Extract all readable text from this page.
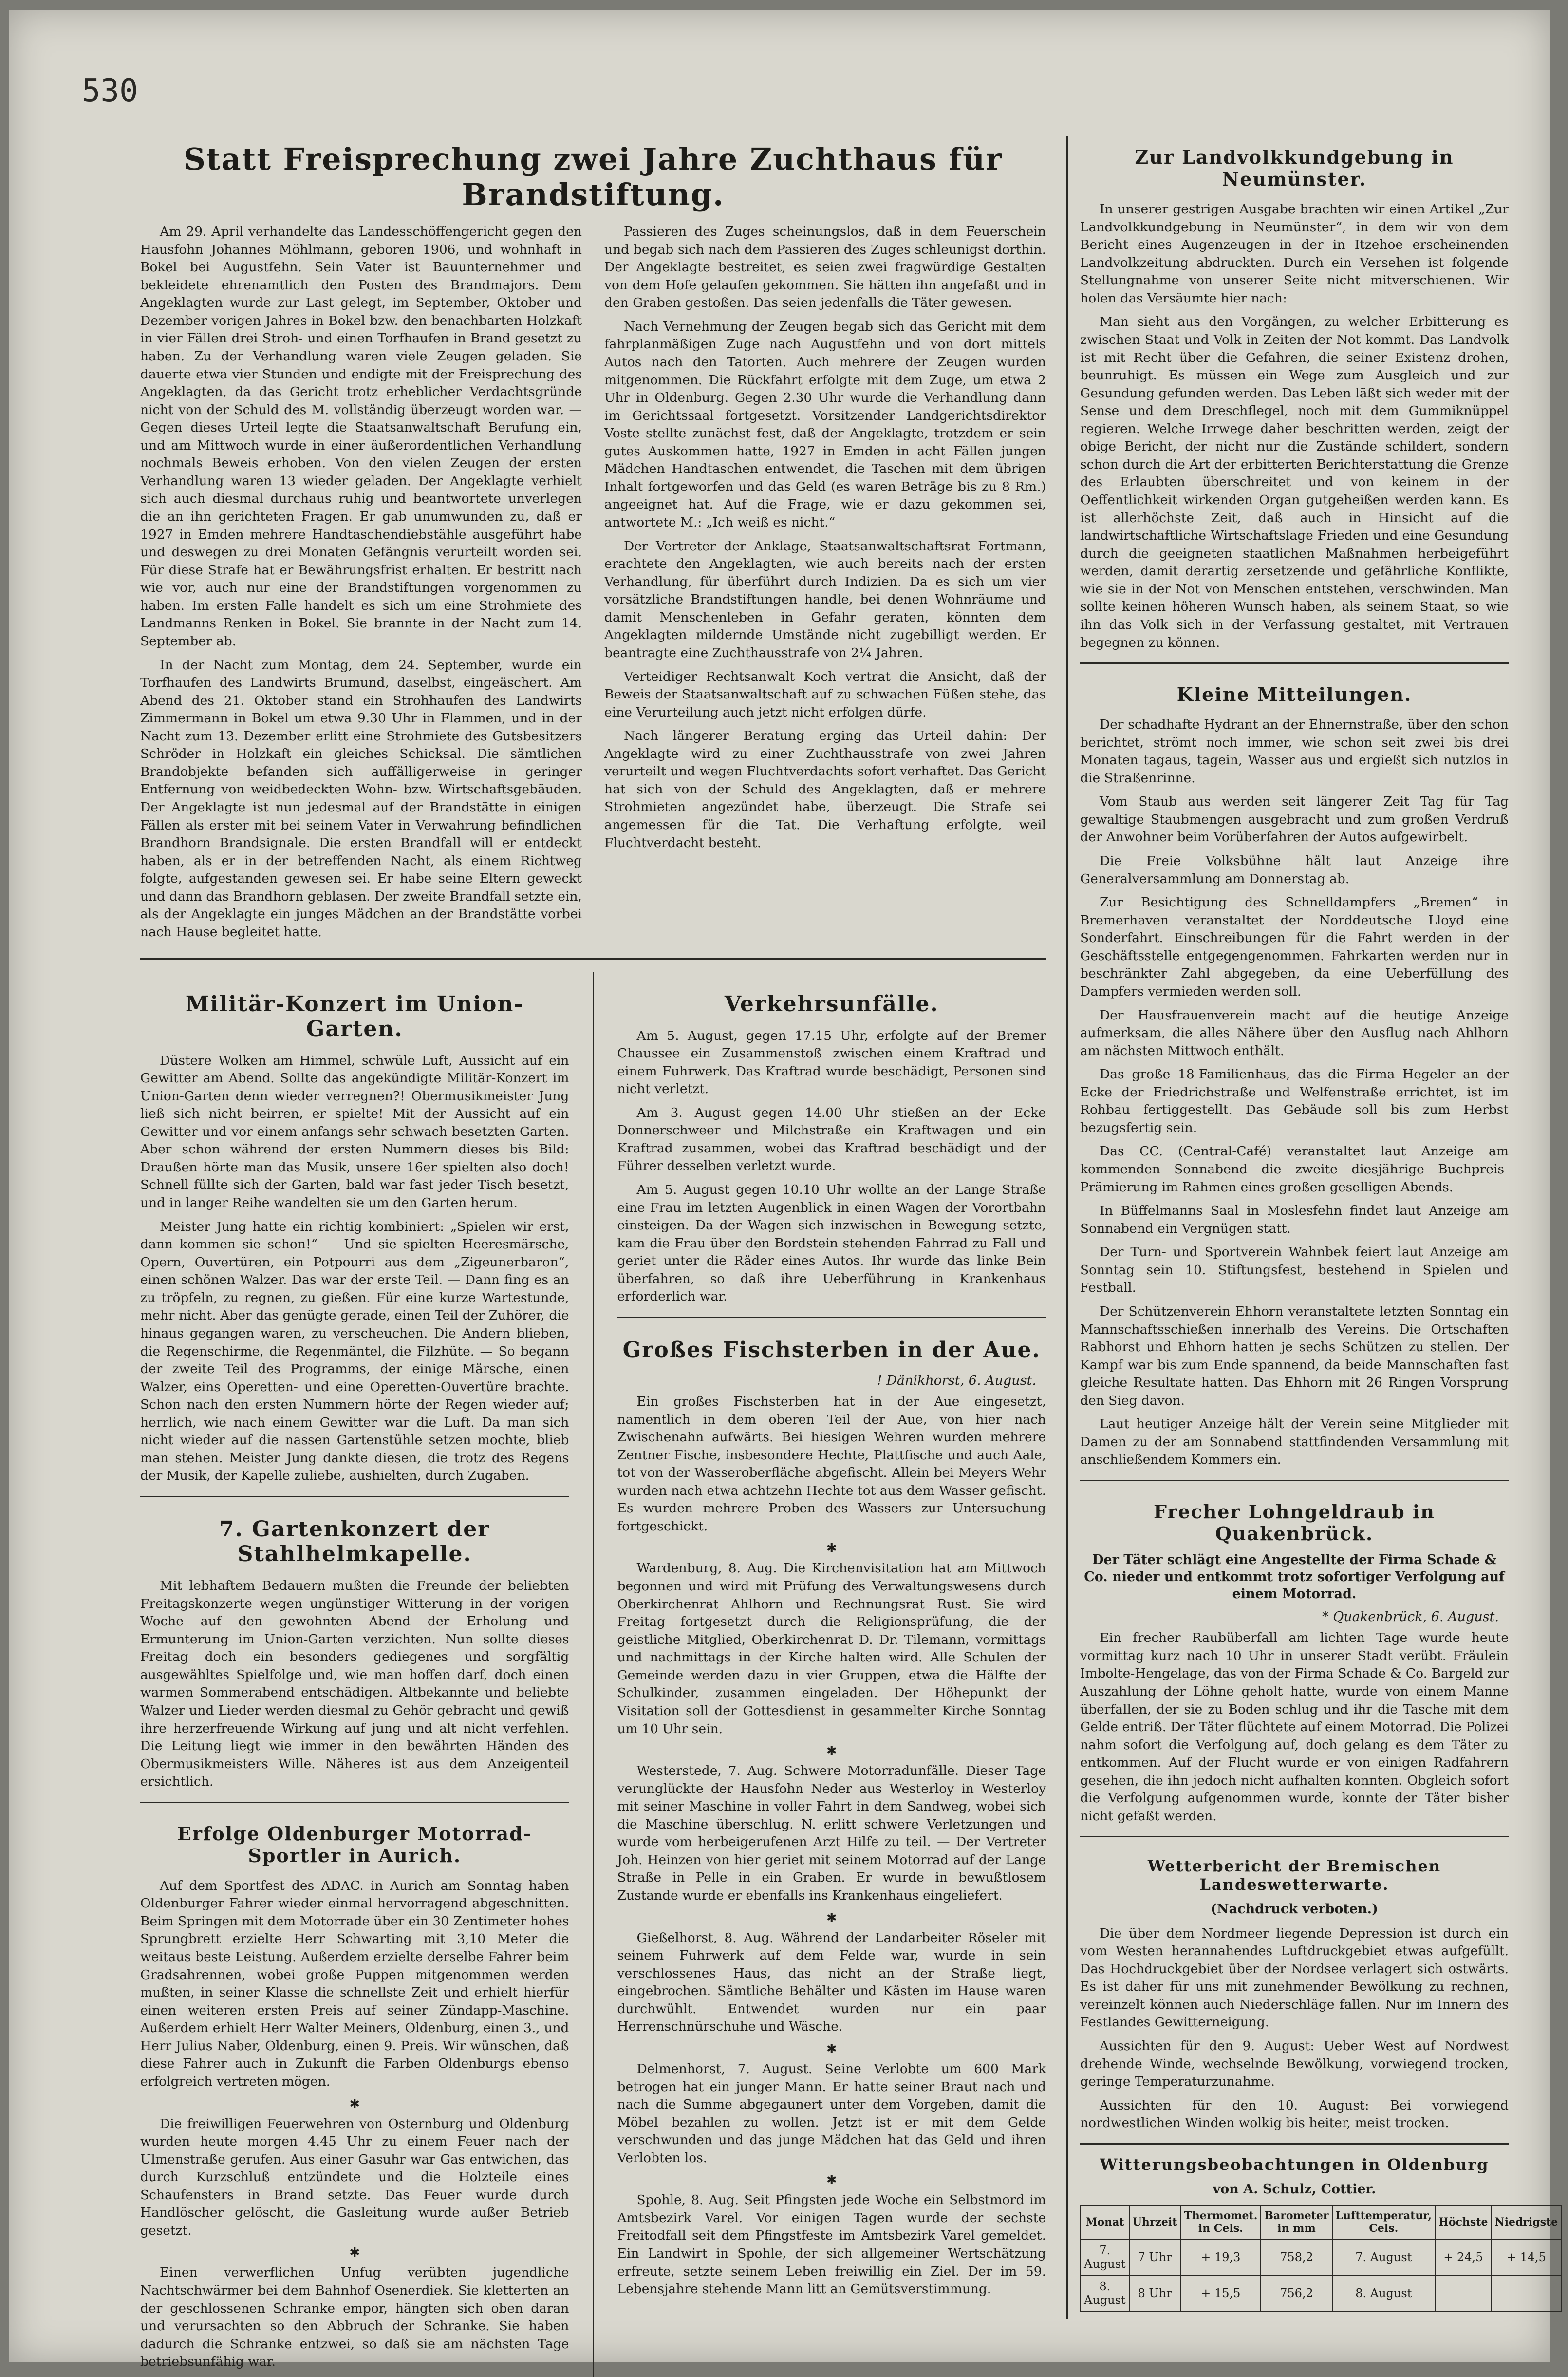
530
Statt Freisprechung zwei Jahre Zuchthaus für Brandstiftung.

Am 29. April verhandelte das Landesschöffengericht gegen den Hausfohn Johannes Möhlmann, geboren 1906, und wohnhaft in Bokel bei Augustfehn. Sein Vater ist Bauunternehmer und bekleidete ehrenamtlich den Posten des Brandmajors. Dem Angeklagten wurde zur Last gelegt, im September, Oktober und Dezember vorigen Jahres in Bokel bzw. den benachbarten Holzkaft in vier Fällen drei Stroh- und einen Torfhaufen in Brand gesetzt zu haben. Zu der Verhandlung waren viele Zeugen geladen. Sie dauerte etwa vier Stunden und endigte mit der Freisprechung des Angeklagten, da das Gericht trotz erheblicher Verdachtsgründe nicht von der Schuld des M. vollständig überzeugt worden war. — Gegen dieses Urteil legte die Staatsanwaltschaft Berufung ein, und am Mittwoch wurde in einer äußerordentlichen Verhandlung nochmals Beweis erhoben. Von den vielen Zeugen der ersten Verhandlung waren 13 wieder geladen. Der Angeklagte verhielt sich auch diesmal durchaus ruhig und beantwortete unverlegen die an ihn gerichteten Fragen. Er gab unumwunden zu, daß er 1927 in Emden mehrere Handtaschendiebstähle ausgeführt habe und deswegen zu drei Monaten Gefängnis verurteilt worden sei. Für diese Strafe hat er Bewährungsfrist erhalten. Er bestritt nach wie vor, auch nur eine der Brandstiftungen vorgenommen zu haben. Im ersten Falle handelt es sich um eine Strohmiete des Landmanns Renken in Bokel. Sie brannte in der Nacht zum 14. September ab.

In der Nacht zum Montag, dem 24. September, wurde ein Torfhaufen des Landwirts Brumund, daselbst, eingeäschert. Am Abend des 21. Oktober stand ein Strohhaufen des Landwirts Zimmermann in Bokel um etwa 9.30 Uhr in Flammen, und in der Nacht zum 13. Dezember erlitt eine Strohmiete des Gutsbesitzers Schröder in Holzkaft ein gleiches Schicksal. Die sämtlichen Brandobjekte befanden sich auffälligerweise in geringer Entfernung von weidbedeckten Wohn- bzw. Wirtschaftsgebäuden. Der Angeklagte ist nun jedesmal auf der Brandstätte in einigen Fällen als erster mit bei seinem Vater in Verwahrung befindlichen Brandhorn Brandsignale. Die ersten Brandfall will er entdeckt haben, als er in der betreffenden Nacht, als einem Richtweg folgte, aufgestanden gewesen sei. Er habe seine Eltern geweckt und dann das Brandhorn geblasen. Der zweite Brandfall setzte ein, als der Angeklagte ein junges Mädchen an der Brandstätte vorbei nach Hause begleitet hatte.

Passieren des Zuges scheinungslos, daß in dem Feuerschein und begab sich nach dem Passieren des Zuges schleunigst dorthin. Der Angeklagte bestreitet, es seien zwei fragwürdige Gestalten von dem Hofe gelaufen gekommen. Sie hätten ihn angefaßt und in den Graben gestoßen. Das seien jedenfalls die Täter gewesen.

Nach Vernehmung der Zeugen begab sich das Gericht mit dem fahrplanmäßigen Zuge nach Augustfehn und von dort mittels Autos nach den Tatorten. Auch mehrere der Zeugen wurden mitgenommen. Die Rückfahrt erfolgte mit dem Zuge, um etwa 2 Uhr in Oldenburg. Gegen 2.30 Uhr wurde die Verhandlung dann im Gerichtssaal fortgesetzt. Vorsitzender Landgerichtsdirektor Voste stellte zunächst fest, daß der Angeklagte, trotzdem er sein gutes Auskommen hatte, 1927 in Emden in acht Fällen jungen Mädchen Handtaschen entwendet, die Taschen mit dem übrigen Inhalt fortgeworfen und das Geld (es waren Beträge bis zu 8 Rm.) angeeignet hat. Auf die Frage, wie er dazu gekommen sei, antwortete M.: „Ich weiß es nicht.“

Der Vertreter der Anklage, Staatsanwaltschaftsrat Fortmann, erachtete den Angeklagten, wie auch bereits nach der ersten Verhandlung, für überführt durch Indizien. Da es sich um vier vorsätzliche Brandstiftungen handle, bei denen Wohnräume und damit Menschenleben in Gefahr geraten, könnten dem Angeklagten mildernde Umstände nicht zugebilligt werden. Er beantragte eine Zuchthausstrafe von 2¼ Jahren.

Verteidiger Rechtsanwalt Koch vertrat die Ansicht, daß der Beweis der Staatsanwaltschaft auf zu schwachen Füßen stehe, das eine Verurteilung auch jetzt nicht erfolgen dürfe.

Nach längerer Beratung erging das Urteil dahin: Der Angeklagte wird zu einer Zuchthausstrafe von zwei Jahren verurteilt und wegen Fluchtverdachts sofort verhaftet. Das Gericht hat sich von der Schuld des Angeklagten, daß er mehrere Strohmieten angezündet habe, überzeugt. Die Strafe sei angemessen für die Tat. Die Verhaftung erfolgte, weil Fluchtverdacht besteht.

Militär-Konzert im Union-Garten.

Düstere Wolken am Himmel, schwüle Luft, Aussicht auf ein Gewitter am Abend. Sollte das angekündigte Militär-Konzert im Union-Garten denn wieder verregnen?! Obermusikmeister Jung ließ sich nicht beirren, er spielte! Mit der Aussicht auf ein Gewitter und vor einem anfangs sehr schwach besetzten Garten. Aber schon während der ersten Nummern dieses bis Bild: Draußen hörte man das Musik, unsere 16er spielten also doch! Schnell füllte sich der Garten, bald war fast jeder Tisch besetzt, und in langer Reihe wandelten sie um den Garten herum.

Meister Jung hatte ein richtig kombiniert: „Spielen wir erst, dann kommen sie schon!“ — Und sie spielten Heeresmärsche, Opern, Ouvertüren, ein Potpourri aus dem „Zigeunerbaron“, einen schönen Walzer. Das war der erste Teil. — Dann fing es an zu tröpfeln, zu regnen, zu gießen. Für eine kurze Wartestunde, mehr nicht. Aber das genügte gerade, einen Teil der Zuhörer, die hinaus gegangen waren, zu verscheuchen. Die Andern blieben, die Regenschirme, die Regenmäntel, die Filzhüte. — So begann der zweite Teil des Programms, der einige Märsche, einen Walzer, eins Operetten- und eine Operetten-Ouvertüre brachte. Schon nach den ersten Nummern hörte der Regen wieder auf; herrlich, wie nach einem Gewitter war die Luft. Da man sich nicht wieder auf die nassen Gartenstühle setzen mochte, blieb man stehen. Meister Jung dankte diesen, die trotz des Regens der Musik, der Kapelle zuliebe, aushielten, durch Zugaben.

7. Gartenkonzert der Stahlhelmkapelle.

Mit lebhaftem Bedauern mußten die Freunde der beliebten Freitagskonzerte wegen ungünstiger Witterung in der vorigen Woche auf den gewohnten Abend der Erholung und Ermunterung im Union-Garten verzichten. Nun sollte dieses Freitag doch ein besonders gediegenes und sorgfältig ausgewähltes Spielfolge und, wie man hoffen darf, doch einen warmen Sommerabend entschädigen. Altbekannte und beliebte Walzer und Lieder werden diesmal zu Gehör gebracht und gewiß ihre herzerfreuende Wirkung auf jung und alt nicht verfehlen. Die Leitung liegt wie immer in den bewährten Händen des Obermusikmeisters Wille. Näheres ist aus dem Anzeigenteil ersichtlich.

Erfolge Oldenburger Motorrad-Sportler in Aurich.

Auf dem Sportfest des ADAC. in Aurich am Sonntag haben Oldenburger Fahrer wieder einmal hervorragend abgeschnitten. Beim Springen mit dem Motorrade über ein 30 Zentimeter hohes Sprungbrett erzielte Herr Schwarting mit 3,10 Meter die weitaus beste Leistung. Außerdem erzielte derselbe Fahrer beim Gradsahrennen, wobei große Puppen mitgenommen werden mußten, in seiner Klasse die schnellste Zeit und erhielt hierfür einen weiteren ersten Preis auf seiner Zündapp-Maschine. Außerdem erhielt Herr Walter Meiners, Oldenburg, einen 3., und Herr Julius Naber, Oldenburg, einen 9. Preis. Wir wünschen, daß diese Fahrer auch in Zukunft die Farben Oldenburgs ebenso erfolgreich vertreten mögen.

✱

Die freiwilligen Feuerwehren von Osternburg und Oldenburg wurden heute morgen 4.45 Uhr zu einem Feuer nach der Ulmenstraße gerufen. Aus einer Gasuhr war Gas entwichen, das durch Kurzschluß entzündete und die Holzteile eines Schaufensters in Brand setzte. Das Feuer wurde durch Handlöscher gelöscht, die Gasleitung wurde außer Betrieb gesetzt.

✱

Einen verwerflichen Unfug verübten jugendliche Nachtschwärmer bei dem Bahnhof Osenerdiek. Sie kletterten an der geschlossenen Schranke empor, hängten sich oben daran und verursachten so den Abbruch der Schranke. Sie haben dadurch die Schranke entzwei, so daß sie am nächsten Tage betriebsunfähig war.

Verkehrsunfälle.

Am 5. August, gegen 17.15 Uhr, erfolgte auf der Bremer Chaussee ein Zusammenstoß zwischen einem Kraftrad und einem Fuhrwerk. Das Kraftrad wurde beschädigt, Personen sind nicht verletzt.

Am 3. August gegen 14.00 Uhr stießen an der Ecke Donnerschweer und Milchstraße ein Kraftwagen und ein Kraftrad zusammen, wobei das Kraftrad beschädigt und der Führer desselben verletzt wurde.

Am 5. August gegen 10.10 Uhr wollte an der Lange Straße eine Frau im letzten Augenblick in einen Wagen der Vorortbahn einsteigen. Da der Wagen sich inzwischen in Bewegung setzte, kam die Frau über den Bordstein stehenden Fahrrad zu Fall und geriet unter die Räder eines Autos. Ihr wurde das linke Bein überfahren, so daß ihre Ueberführung in Krankenhaus erforderlich war.

Großes Fischsterben in der Aue.
! Dänikhorst, 6. August.

Ein großes Fischsterben hat in der Aue eingesetzt, namentlich in dem oberen Teil der Aue, von hier nach Zwischenahn aufwärts. Bei hiesigen Wehren wurden mehrere Zentner Fische, insbesondere Hechte, Plattfische und auch Aale, tot von der Wasseroberfläche abgefischt. Allein bei Meyers Wehr wurden nach etwa achtzehn Hechte tot aus dem Wasser gefischt. Es wurden mehrere Proben des Wassers zur Untersuchung fortgeschickt.

✱

Wardenburg, 8. Aug. Die Kirchenvisitation hat am Mittwoch begonnen und wird mit Prüfung des Verwaltungswesens durch Oberkirchenrat Ahlhorn und Rechnungsrat Rust. Sie wird Freitag fortgesetzt durch die Religionsprüfung, die der geistliche Mitglied, Oberkirchenrat D. Dr. Tilemann, vormittags und nachmittags in der Kirche halten wird. Alle Schulen der Gemeinde werden dazu in vier Gruppen, etwa die Hälfte der Schulkinder, zusammen eingeladen. Der Höhepunkt der Visitation soll der Gottesdienst in gesammelter Kirche Sonntag um 10 Uhr sein.

✱

Westerstede, 7. Aug. Schwere Motorradunfälle. Dieser Tage verunglückte der Hausfohn Neder aus Westerloy in Westerloy mit seiner Maschine in voller Fahrt in dem Sandweg, wobei sich die Maschine überschlug. N. erlitt schwere Verletzungen und wurde vom herbeigerufenen Arzt Hilfe zu teil. — Der Vertreter Joh. Heinzen von hier geriet mit seinem Motorrad auf der Lange Straße in Pelle in ein Graben. Er wurde in bewußtlosem Zustande wurde er ebenfalls ins Krankenhaus eingeliefert.

✱

Gießelhorst, 8. Aug. Während der Landarbeiter Röseler mit seinem Fuhrwerk auf dem Felde war, wurde in sein verschlossenes Haus, das nicht an der Straße liegt, eingebrochen. Sämtliche Behälter und Kästen im Hause waren durchwühlt. Entwendet wurden nur ein paar Herrenschnürschuhe und Wäsche.

✱

Delmenhorst, 7. August. Seine Verlobte um 600 Mark betrogen hat ein junger Mann. Er hatte seiner Braut nach und nach die Summe abgegaunert unter dem Vorgeben, damit die Möbel bezahlen zu wollen. Jetzt ist er mit dem Gelde verschwunden und das junge Mädchen hat das Geld und ihren Verlobten los.

✱

Spohle, 8. Aug. Seit Pfingsten jede Woche ein Selbstmord im Amtsbezirk Varel. Vor einigen Tagen wurde der sechste Freitodfall seit dem Pfingstfeste im Amtsbezirk Varel gemeldet. Ein Landwirt in Spohle, der sich allgemeiner Wertschätzung erfreute, setzte seinem Leben freiwillig ein Ziel. Der im 59. Lebensjahre stehende Mann litt an Gemütsverstimmung.

Zur Landvolkkundgebung in Neumünster.

In unserer gestrigen Ausgabe brachten wir einen Artikel „Zur Landvolkkundgebung in Neumünster“, in dem wir von dem Bericht eines Augenzeugen in der in Itzehoe erscheinenden Landvolkzeitung abdruckten. Durch ein Versehen ist folgende Stellungnahme von unserer Seite nicht mitverschienen. Wir holen das Versäumte hier nach:

Man sieht aus den Vorgängen, zu welcher Erbitterung es zwischen Staat und Volk in Zeiten der Not kommt. Das Landvolk ist mit Recht über die Gefahren, die seiner Existenz drohen, beunruhigt. Es müssen ein Wege zum Ausgleich und zur Gesundung gefunden werden. Das Leben läßt sich weder mit der Sense und dem Dreschflegel, noch mit dem Gummiknüppel regieren. Welche Irrwege daher beschritten werden, zeigt der obige Bericht, der nicht nur die Zustände schildert, sondern schon durch die Art der erbitterten Berichterstattung die Grenze des Erlaubten überschreitet und von keinem in der Oeffentlichkeit wirkenden Organ gutgeheißen werden kann. Es ist allerhöchste Zeit, daß auch in Hinsicht auf die landwirtschaftliche Wirtschaftslage Frieden und eine Gesundung durch die geeigneten staatlichen Maßnahmen herbeigeführt werden, damit derartig zersetzende und gefährliche Konflikte, wie sie in der Not von Menschen entstehen, verschwinden. Man sollte keinen höheren Wunsch haben, als seinem Staat, so wie ihn das Volk sich in der Verfassung gestaltet, mit Vertrauen begegnen zu können.

Kleine Mitteilungen.

Der schadhafte Hydrant an der Ehnernstraße, über den schon berichtet, strömt noch immer, wie schon seit zwei bis drei Monaten tagaus, tagein, Wasser aus und ergießt sich nutzlos in die Straßenrinne.

Vom Staub aus werden seit längerer Zeit Tag für Tag gewaltige Staubmengen ausgebracht und zum großen Verdruß der Anwohner beim Vorüberfahren der Autos aufgewirbelt.

Die Freie Volksbühne hält laut Anzeige ihre Generalversammlung am Donnerstag ab.

Zur Besichtigung des Schnelldampfers „Bremen“ in Bremerhaven veranstaltet der Norddeutsche Lloyd eine Sonderfahrt. Einschreibungen für die Fahrt werden in der Geschäftsstelle entgegengenommen. Fahrkarten werden nur in beschränkter Zahl abgegeben, da eine Ueberfüllung des Dampfers vermieden werden soll.

Der Hausfrauenverein macht auf die heutige Anzeige aufmerksam, die alles Nähere über den Ausflug nach Ahlhorn am nächsten Mittwoch enthält.

Das große 18-Familienhaus, das die Firma Hegeler an der Ecke der Friedrichstraße und Welfenstraße errichtet, ist im Rohbau fertiggestellt. Das Gebäude soll bis zum Herbst bezugsfertig sein.

Das CC. (Central-Café) veranstaltet laut Anzeige am kommenden Sonnabend die zweite diesjährige Buchpreis-Prämierung im Rahmen eines großen geselligen Abends.

In Büffelmanns Saal in Moslesfehn findet laut Anzeige am Sonnabend ein Vergnügen statt.

Der Turn- und Sportverein Wahnbek feiert laut Anzeige am Sonntag sein 10. Stiftungsfest, bestehend in Spielen und Festball.

Der Schützenverein Ehhorn veranstaltete letzten Sonntag ein Mannschaftsschießen innerhalb des Vereins. Die Ortschaften Rabhorst und Ehhorn hatten je sechs Schützen zu stellen. Der Kampf war bis zum Ende spannend, da beide Mannschaften fast gleiche Resultate hatten. Das Ehhorn mit 26 Ringen Vorsprung den Sieg davon.

Laut heutiger Anzeige hält der Verein seine Mitglieder mit Damen zu der am Sonnabend stattfindenden Versammlung mit anschließendem Kommers ein.

Frecher Lohngeldraub in Quakenbrück.
Der Täter schlägt eine Angestellte der Firma Schade & Co. nieder und entkommt trotz sofortiger Verfolgung auf einem Motorrad.
* Quakenbrück, 6. August.

Ein frecher Raubüberfall am lichten Tage wurde heute vormittag kurz nach 10 Uhr in unserer Stadt verübt. Fräulein Imbolte-Hengelage, das von der Firma Schade & Co. Bargeld zur Auszahlung der Löhne geholt hatte, wurde von einem Manne überfallen, der sie zu Boden schlug und ihr die Tasche mit dem Gelde entriß. Der Täter flüchtete auf einem Motorrad. Die Polizei nahm sofort die Verfolgung auf, doch gelang es dem Täter zu entkommen. Auf der Flucht wurde er von einigen Radfahrern gesehen, die ihn jedoch nicht aufhalten konnten. Obgleich sofort die Verfolgung aufgenommen wurde, konnte der Täter bisher nicht gefaßt werden.

Wetterbericht der Bremischen Landeswetterwarte.
(Nachdruck verboten.)

Die über dem Nordmeer liegende Depression ist durch ein vom Westen herannahendes Luftdruckgebiet etwas aufgefüllt. Das Hochdruckgebiet über der Nordsee verlagert sich ostwärts. Es ist daher für uns mit zunehmender Bewölkung zu rechnen, vereinzelt können auch Niederschläge fallen. Nur im Innern des Festlandes Gewitterneigung.

Aussichten für den 9. August: Ueber West auf Nordwest drehende Winde, wechselnde Bewölkung, vorwiegend trocken, geringe Temperaturzunahme.

Aussichten für den 10. August: Bei vorwiegend nordwestlichen Winden wolkig bis heiter, meist trocken.

Witterungsbeobachtungen in Oldenburg
von A. Schulz, Cottier.
Monat	Uhrzeit	Thermomet. in Cels.	Barometer in mm	Lufttemperatur, Cels.	Höchste	Niedrigste
7. August	7 Uhr	+ 19,3	758,2	7. August	+ 24,5	+ 14,5
8. August	8 Uhr	+ 15,5	756,2	8. August		
